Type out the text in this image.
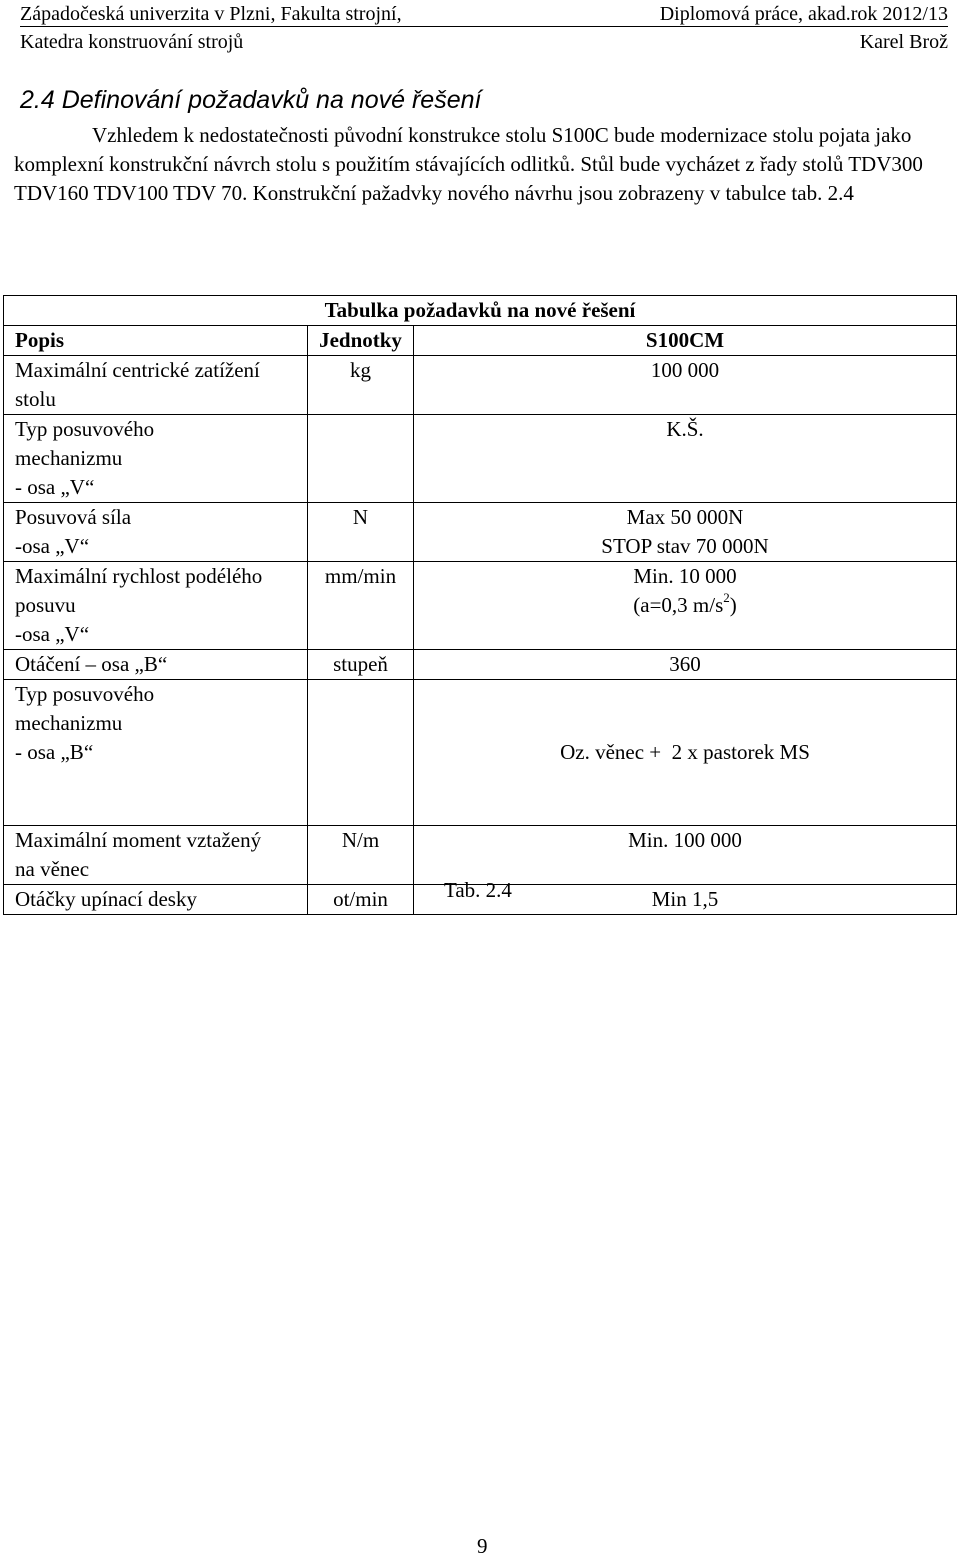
Západočeská univerzita v Plzni, Fakulta strojní,	Diplomová práce, akad.rok 2012/13
Katedra konstruování strojů	Karel Brož
2.4 Definování požadavků na nové řešení

Vzhledem k nedostatečnosti původní konstrukce stolu S100C bude modernizace stolu pojata jako komplexní konstrukční návrch stolu s použitím stávajících odlitků. Stůl bude vycházet z řady stolů TDV300 TDV160 TDV100 TDV 70. Konstrukční pažadvky nového návrhu jsou zobrazeny v tabulce tab. 2.4

Tabulka požadavků na nové řešení		
Popis	Jednotky	S100CM

Maximální centrické zatížení
stolu	kg	100 000

Typ posuvového
mechanizmu
- osa „V“		K.Š.

Posuvová síla
-osa „V“	N	Max 50 000N
STOP stav 70 000N

Maximální rychlost podélého
posuvu
-osa „V“	mm/min	Min. 10 000
(a=0,3 $m/s^2$)

Otáčení – osa „B“	stupeň	360

Typ posuvového
mechanizmu
- osa „B“		Oz. věnec +  2 x pastorek MS

Maximální moment vztažený
na věnec	N/m	Min. 100 000

Otáčky upínací desky	ot/min	Min 1,5
Tab. 2.4
9
